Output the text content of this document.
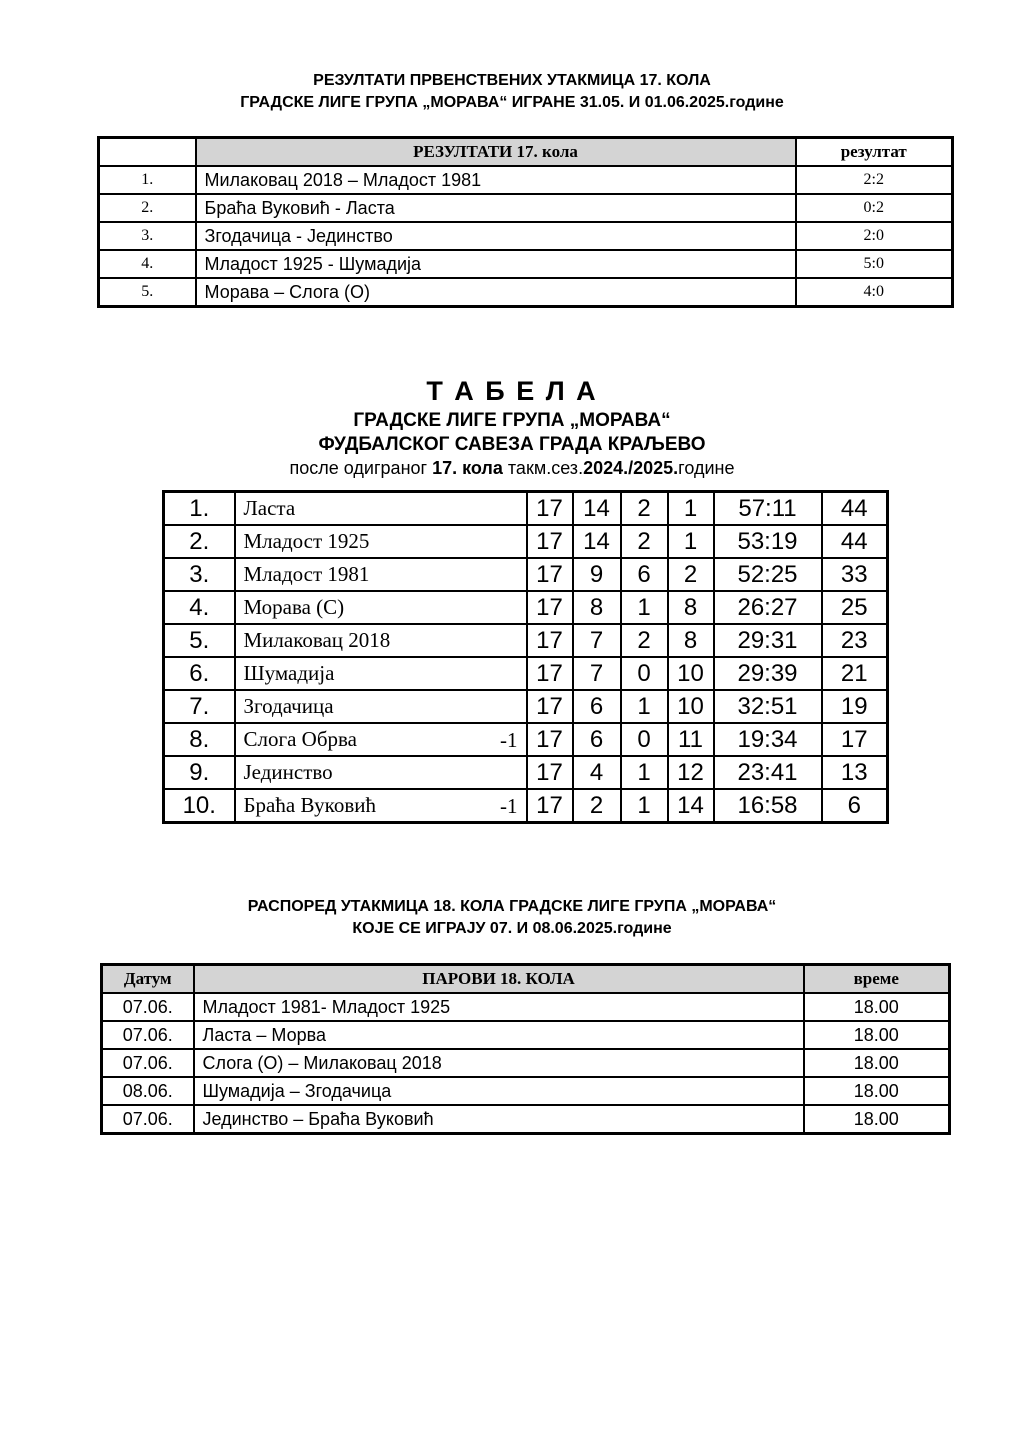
РЕЗУЛТАТИ ПРВЕНСТВЕНИХ УТАКМИЦА 17. КОЛА
ГРАДСКЕ ЛИГЕ ГРУПА „МОРАВА“ ИГРАНЕ 31.05. И 01.06.2025.године
	РЕЗУЛТАТИ 17. кола	резултат
1.	Милаковац 2018 – Младост 1981	2:2
2.	Браћа Вуковић - Ласта	0:2
3.	Згодачица - Јединство	2:0
4.	Младост 1925 - Шумадија	5:0
5.	Морава – Слога (О)	4:0
Т А Б Е Л А
ГРАДСКЕ ЛИГЕ ГРУПА „МОРАВА“
ФУДБАЛСКОГ САВЕЗА ГРАДА КРАЉЕВО
после одиграног 17. кола такм.сез.2024./2025.године
1.	Ласта	17	14	2	1	57:11	44
2.	Младост 1925	17	14	2	1	53:19	44
3.	Младост 1981	17	9	6	2	52:25	33
4.	Морава (С)	17	8	1	8	26:27	25
5.	Милаковац 2018	17	7	2	8	29:31	23
6.	Шумадија	17	7	0	10	29:39	21
7.	Згодачица	17	6	1	10	32:51	19
8.	Слога Обрва -1	17	6	0	11	19:34	17
9.	Јединство	17	4	1	12	23:41	13
10.	Браћа Вуковић -1	17	2	1	14	16:58	6
РАСПОРЕД УТАКМИЦА 18. КОЛА ГРАДСКЕ ЛИГЕ ГРУПА „МОРАВА“
КОЈЕ СЕ ИГРАЈУ 07. И 08.06.2025.године
Датум	ПАРОВИ 18. КОЛА	време
07.06.	Младост 1981- Младост 1925	18.00
07.06.	Ласта – Морва	18.00
07.06.	Слога (О) – Милаковац 2018	18.00
08.06.	Шумадија – Згодачица	18.00
07.06.	Јединство – Браћа Вуковић	18.00
